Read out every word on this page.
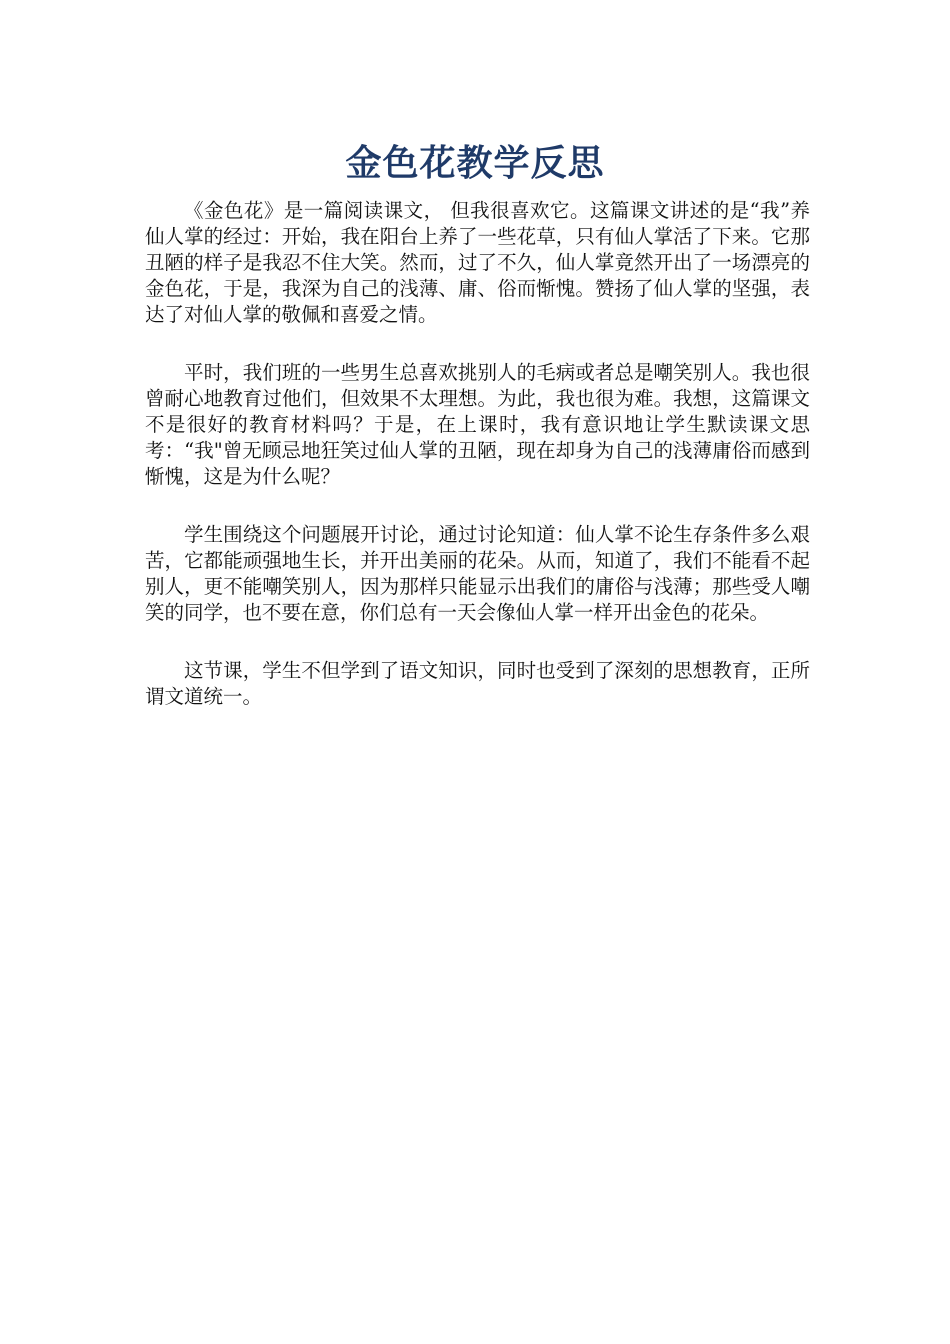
金色花教学反思

《金色花》是一篇阅读课文， 但我很喜欢它。这篇课文讲述的是“我”养仙人掌的经过：开始，我在阳台上养了一些花草，只有仙人掌活了下来。它那丑陋的样子是我忍不住大笑。然而，过了不久，仙人掌竟然开出了一场漂亮的金色花，于是，我深为自己的浅薄、庸、俗而惭愧。赞扬了仙人掌的坚强，表达了对仙人掌的敬佩和喜爱之情。

平时，我们班的一些男生总喜欢挑别人的毛病或者总是嘲笑别人。我也很曾耐心地教育过他们，但效果不太理想。为此，我也很为难。我想，这篇课文不是很好的教育材料吗？于是，在上课时，我有意识地让学生默读课文思考：“我"曾无顾忌地狂笑过仙人掌的丑陋，现在却身为自己的浅薄庸俗而感到惭愧，这是为什么呢？

学生围绕这个问题展开讨论，通过讨论知道：仙人掌不论生存条件多么艰苦，它都能顽强地生长，并开出美丽的花朵。从而，知道了，我们不能看不起别人，更不能嘲笑别人，因为那样只能显示出我们的庸俗与浅薄；那些受人嘲笑的同学，也不要在意，你们总有一天会像仙人掌一样开出金色的花朵。

这节课，学生不但学到了语文知识，同时也受到了深刻的思想教育，正所谓文道统一。
